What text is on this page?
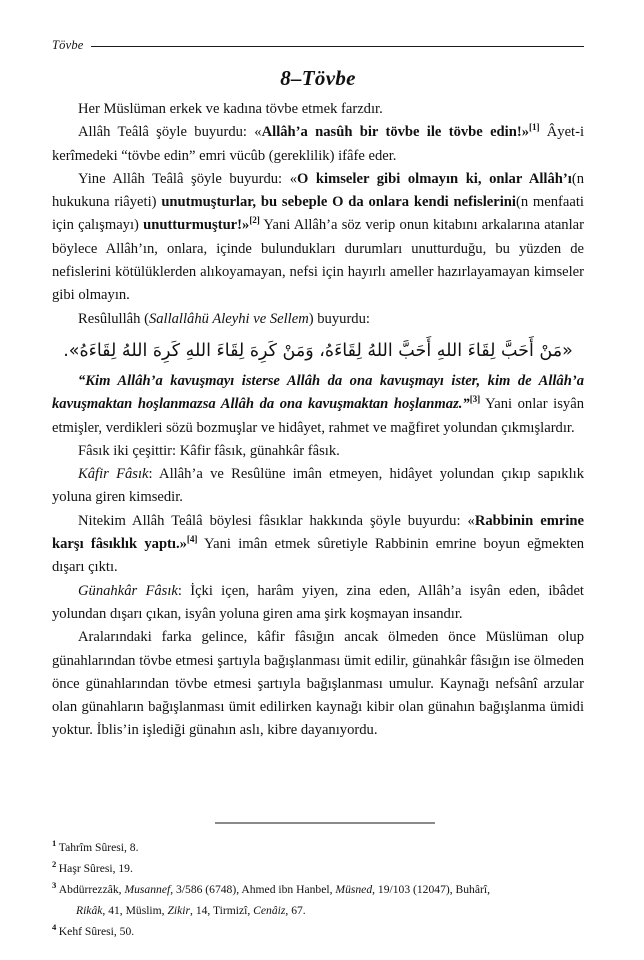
Tövbe
8–Tövbe

Her Müslüman erkek ve kadına tövbe etmek farzdır.

Allâh Teâlâ şöyle buyurdu: «Allâh’a nasûh bir tövbe ile tövbe edin!»[1] Âyet-i kerîmedeki “tövbe edin” emri vücûb (gereklilik) ifâfe eder.

Yine Allâh Teâlâ şöyle buyurdu: «O kimseler gibi olmayın ki, onlar Allâh’ı(n hukukuna riâyeti) unutmuşturlar, bu sebeple O da onlara kendi nefislerini(n menfaati için çalışmayı) unutturmuştur!»[2] Yani Allâh’a söz verip onun kitabını arkalarına atanlar böylece Allâh’ın, onlara, içinde bulundukları durumları unutturduğu, bu yüzden de nefislerini kötülüklerden alıkoyamayan, nefsi için hayırlı ameller hazırlayamayan kimseler gibi olmayın.

Resûlullâh (Sallallâhü Aleyhi ve Sellem) buyurdu:

«مَنْ أَحَبَّ لِقَاءَ اللهِ أَحَبَّ اللهُ لِقَاءَهُ، وَمَنْ كَرِهَ لِقَاءَ اللهِ كَرِهَ اللهُ لِقَاءَهُ».

“Kim Allâh’a kavuşmayı isterse Allâh da ona kavuşmayı ister, kim de Allâh’a kavuşmaktan hoşlanmazsa Allâh da ona kavuşmaktan hoşlanmaz.”[3] Yani onlar isyân etmişler, verdikleri sözü bozmuşlar ve hidâyet, rahmet ve mağfiret yolundan çıkmışlardır.

Fâsık iki çeşittir: Kâfir fâsık, günahkâr fâsık.

Kâfir Fâsık: Allâh’a ve Resûlüne imân etmeyen, hidâyet yolundan çıkıp sapıklık yoluna giren kimsedir.

Nitekim Allâh Teâlâ böylesi fâsıklar hakkında şöyle buyurdu: «Rabbinin emrine karşı fâsıklık yaptı.»[4] Yani imân etmek sûretiyle Rabbinin emrine boyun eğmekten dışarı çıktı.

Günahkâr Fâsık: İçki içen, harâm yiyen, zina eden, Allâh’a isyân eden, ibâdet yolundan dışarı çıkan, isyân yoluna giren ama şirk koşmayan insandır.

Aralarındaki farka gelince, kâfir fâsığın ancak ölmeden önce Müslüman olup günahlarından tövbe etmesi şartıyla bağışlanması ümit edilir, günahkâr fâsığın ise ölmeden önce günahlarından tövbe etmesi şartıyla bağışlanması umulur. Kaynağı nefsânî arzular olan günahların bağışlanması ümit edilirken kaynağı kibir olan günahın bağışlanma ümidi yoktur. İblis’in işlediği günahın aslı, kibre dayanıyordu.

$^1$ Tahrîm Sûresi, 8.

$^2$ Haşr Sûresi, 19.

$^3$ Abdürrezzâk, Musannef, 3/586 (6748), Ahmed ibn Hanbel, Müsned, 19/103 (12047), Buhârî,
Rikâk, 41, Müslim, Zikir, 14, Tirmizî, Cenâiz, 67.

$^4$ Kehf Sûresi, 50.
